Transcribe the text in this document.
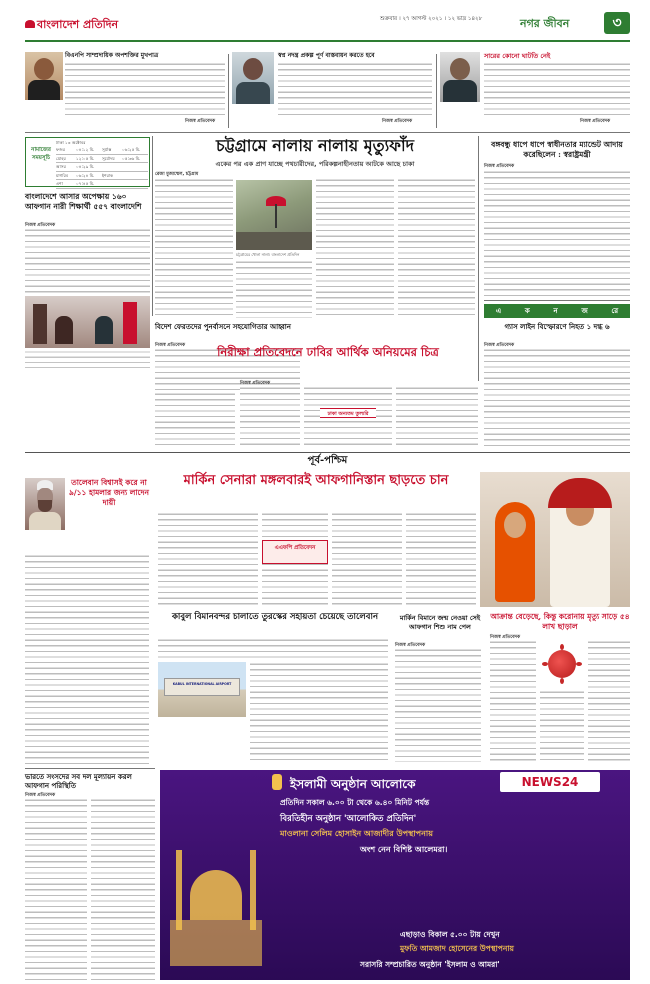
বাংলাদেশ প্রতিদিন	শুক্রবার । ২৭ আগস্ট ২০২১ । ১২ ভাদ্র ১৪২৮	নগর জীবন	৩
বিএনপি সাম্প্রদায়িক অপশক্তির মুখপাত্র
নিজস্ব প্রতিবেদক
স্বপ্ন নদন্ত্র প্রকল্প পূর্ণ বাস্তবায়ন করতে হবে
নিজস্ব প্রতিবেদক
সারের কোনো ঘাটতি নেই
নিজস্ব প্রতিবেদক
নামাজের সময়সূচি
ঢাকা ১৩ অক্টোবর
ফজর	০৪:১২ মি.	সূর্যাস্ত	০৬:২৫ মি.
যোহর	১২:০৫ মি.	সূর্যোদয়	০৫:৩৬ মি.
আসর	০৪:২৯ মি.
মাগরিব	০৬:২৪ মি.	ইশরাক
এশা	০৭:৪৫ মি.
চট্টগ্রামে নালায় নালায় মৃত্যুফাঁদ
একের পর এক প্রাণ যাচ্ছে পথচারীদের, পরিকল্পনাহীনতায় আটকে আছে চাকা
রেজা মুজাম্মেল, চট্টগ্রাম
চট্টগ্রামের খোলা নালা। বাংলাদেশ প্রতিদিন
বাংলাদেশে আসার অপেক্ষায় ১৬০ আফগান নারী শিক্ষার্থী ৫৫৭ বাংলাদেশি
নিজস্ব প্রতিবেদক
বিদেশ ফেরতদের পুনর্বাসনে সহযোগিতার আহ্বান
নিজস্ব প্রতিবেদক	নিরীক্ষা প্রতিবেদনে ঢাবির আর্থিক অনিয়মের চিত্র
নিজস্ব প্রতিবেদক
ঢাকা অন্যতম তুল্যরি
বঙ্গবন্ধু ধাপে ধাপে স্বাধীনতার ম্যান্ডেট আদায় করেছিলেন : স্বরাষ্ট্রমন্ত্রী
নিজস্ব প্রতিবেদক
এ	ক	ন	জ	রে
গ্যাস লাইন বিস্ফোরণে নিহত ১ দগ্ধ ৬
নিজস্ব প্রতিবেদক
পূর্ব-পশ্চিম
তালেবান বিশ্বাসই করে না ৯/১১ হামলার জন্য লাদেন দায়ী
মার্কিন সেনারা মঙ্গলবারই আফগানিস্তান ছাড়তে চান
এএফপি প্রতিবেদন
কাবুল বিমানবন্দর চালাতে তুরস্কের সহায়তা চেয়েছে তালেবান
KABUL INTERNATIONAL AIRPORT
মার্কিন বিমানে জন্ম নেওয়া সেই আফগান শিশু নাম পেল
নিজস্ব প্রতিবেদক
আক্রান্ত বেড়েছে, কিন্তু করোনায় মৃত্যু সাড়ে ৫৪ লাখ ছাড়াল
নিজস্ব প্রতিবেদক
ভারতে সংসদের সব দল মূল্যায়ন করল আফগান পরিস্থিতি
নিজস্ব প্রতিবেদক
ইসলামী অনুষ্ঠান আলোকে	NEWS24
প্রতিদিন সকাল ৬.০০ টা থেকে ৬.৪০ মিনিট পর্যন্ত
বিরতিহীন অনুষ্ঠান 'আলোকিত প্রতিদিন'
মাওলানা সেলিম হোসাইন আজাদীর উপস্থাপনায়
অংশ নেন বিশিষ্ট আলেমরা।
এছাড়াও বিকাল ৫.০০ টায় দেখুন
মুফতি আমজাদ হোসেনের উপস্থাপনায়
সরাসরি সম্প্রচারিত অনুষ্ঠান 'ইসলাম ও আমরা'
